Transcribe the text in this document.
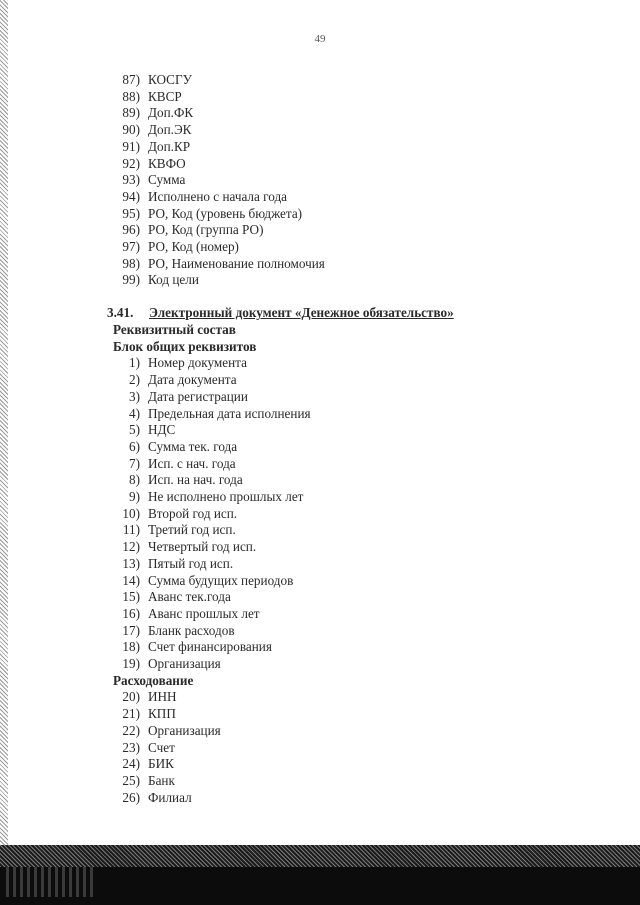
49
87) КОСГУ
88) КВСР
89) Доп.ФК
90) Доп.ЭК
91) Доп.КР
92) КВФО
93) Сумма
94) Исполнено с начала года
95) РО, Код (уровень бюджета)
96) РО, Код (группа РО)
97) РО, Код (номер)
98) РО, Наименование полномочия
99) Код цели
3.41. Электронный документ «Денежное обязательство»
Реквизитный состав
Блок общих реквизитов
1) Номер документа
2) Дата документа
3) Дата регистрации
4) Предельная дата исполнения
5) НДС
6) Сумма тек. года
7) Исп. с нач. года
8) Исп. на нач. года
9) Не исполнено прошлых лет
10) Второй год исп.
11) Третий год исп.
12) Четвертый год исп.
13) Пятый год исп.
14) Сумма будущих периодов
15) Аванс тек.года
16) Аванс прошлых лет
17) Бланк расходов
18) Счет финансирования
19) Организация
Расходование
20) ИНН
21) КПП
22) Организация
23) Счет
24) БИК
25) Банк
26) Филиал
